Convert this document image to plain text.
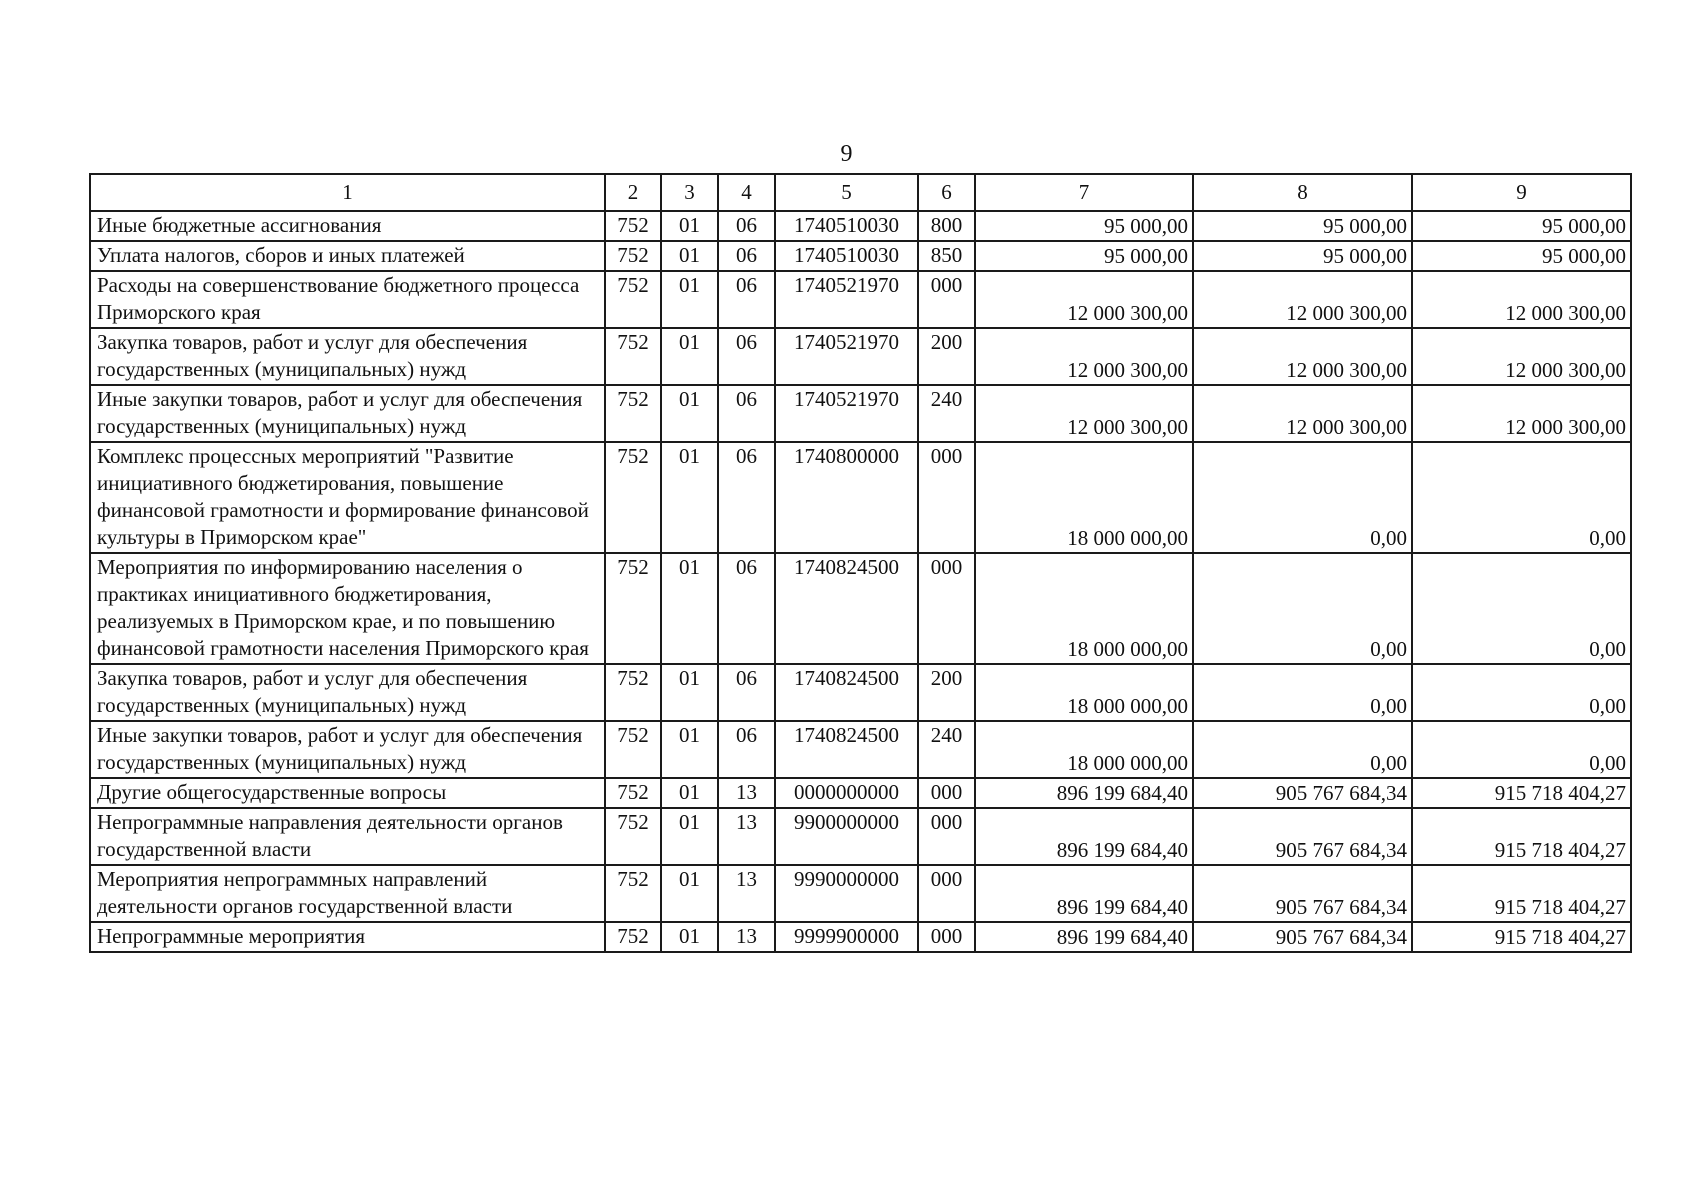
9
1	2	3	4	5	6	7	8	9
Иные бюджетные ассигнования	752	01	06	1740510030	800	95 000,00	95 000,00	95 000,00
Уплата налогов, сборов и иных платежей	752	01	06	1740510030	850	95 000,00	95 000,00	95 000,00
Расходы на совершенствование бюджетного процесса Приморского края	752	01	06	1740521970	000	12 000 300,00	12 000 300,00	12 000 300,00
Закупка товаров, работ и услуг для обеспечения государственных (муниципальных) нужд	752	01	06	1740521970	200	12 000 300,00	12 000 300,00	12 000 300,00
Иные закупки товаров, работ и услуг для обеспечения государственных (муниципальных) нужд	752	01	06	1740521970	240	12 000 300,00	12 000 300,00	12 000 300,00
Комплекс процессных мероприятий "Развитие инициативного бюджетирования, повышение финансовой грамотности и формирование финансовой культуры в Приморском крае"	752	01	06	1740800000	000	18 000 000,00	0,00	0,00
Мероприятия по информированию населения о практиках инициативного бюджетирования, реализуемых в Приморском крае, и по повышению финансовой грамотности населения Приморского края	752	01	06	1740824500	000	18 000 000,00	0,00	0,00
Закупка товаров, работ и услуг для обеспечения государственных (муниципальных) нужд	752	01	06	1740824500	200	18 000 000,00	0,00	0,00
Иные закупки товаров, работ и услуг для обеспечения государственных (муниципальных) нужд	752	01	06	1740824500	240	18 000 000,00	0,00	0,00
Другие общегосударственные вопросы	752	01	13	0000000000	000	896 199 684,40	905 767 684,34	915 718 404,27
Непрограммные направления деятельности органов государственной власти	752	01	13	9900000000	000	896 199 684,40	905 767 684,34	915 718 404,27
Мероприятия непрограммных направлений деятельности органов государственной власти	752	01	13	9990000000	000	896 199 684,40	905 767 684,34	915 718 404,27
Непрограммные мероприятия	752	01	13	9999900000	000	896 199 684,40	905 767 684,34	915 718 404,27
